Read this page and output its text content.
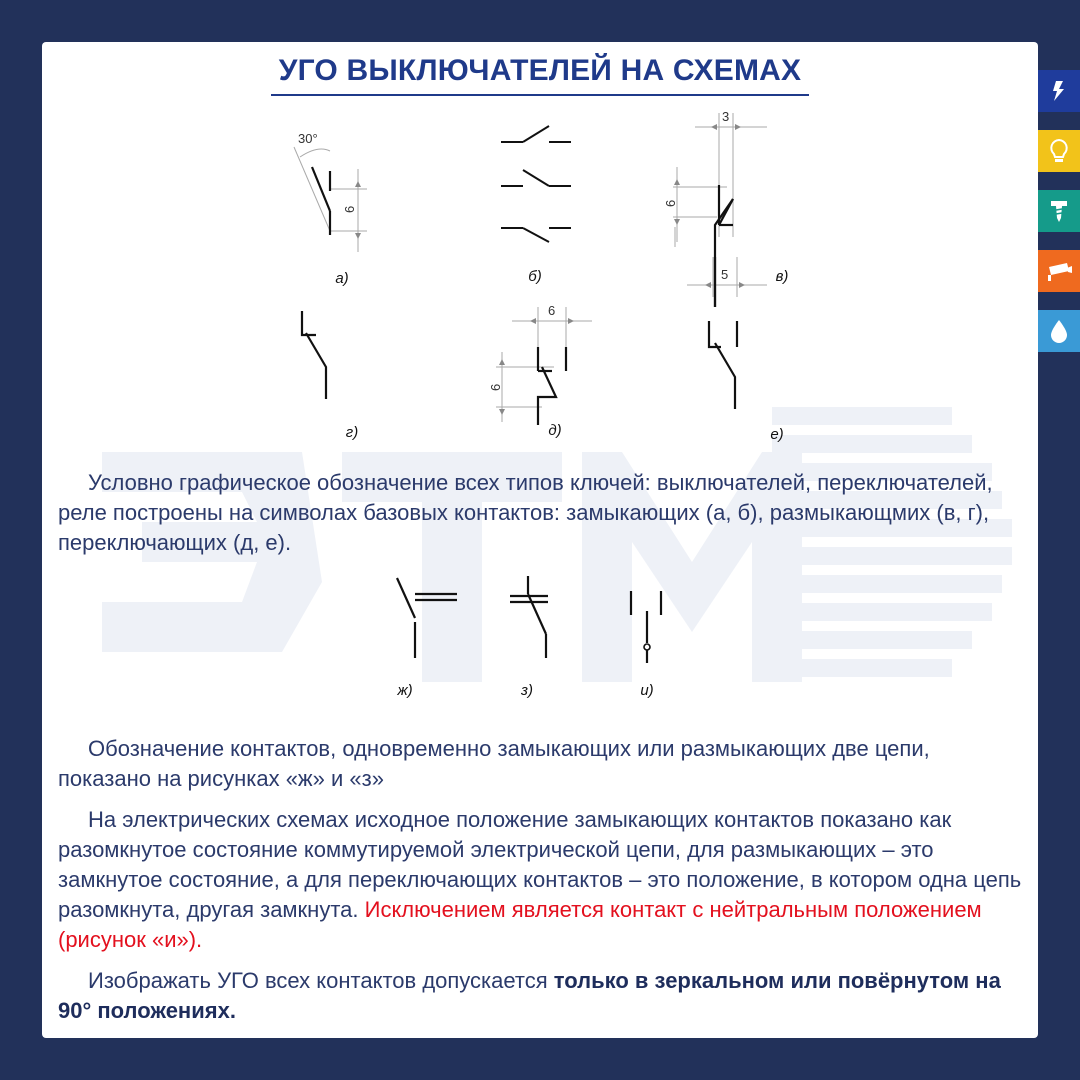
УГО ВЫКЛЮЧАТЕЛЕЙ НА СХЕМАХ
30°
6
а)	б)
3
6
5	в)
г)
6
6
д)	е)
Условно графическое обозначение всех типов ключей: выключателей, переключателей, реле построены на символах базовых контактов: замыкающих (а, б), размыкающмих (в, г), переключающих (д, е).
ж)	з)	и)
Обозначение контактов, одновременно замыкающих или размыкающих две цепи, показано на рисунках «ж» и «з»
На электрических схемах исходное положение замыкающих контактов показано как разомкнутое состояние коммутируемой электрической цепи, для размыкающих – это замкнутое состояние, а для переключающих контактов – это положение, в котором одна цепь разомкнута, другая замкнута. Исключением является контакт с нейтральным положением (рисунок «и»).
Изображать УГО всех контактов допускается только в зеркальном или повёрнутом на 90° положениях.
